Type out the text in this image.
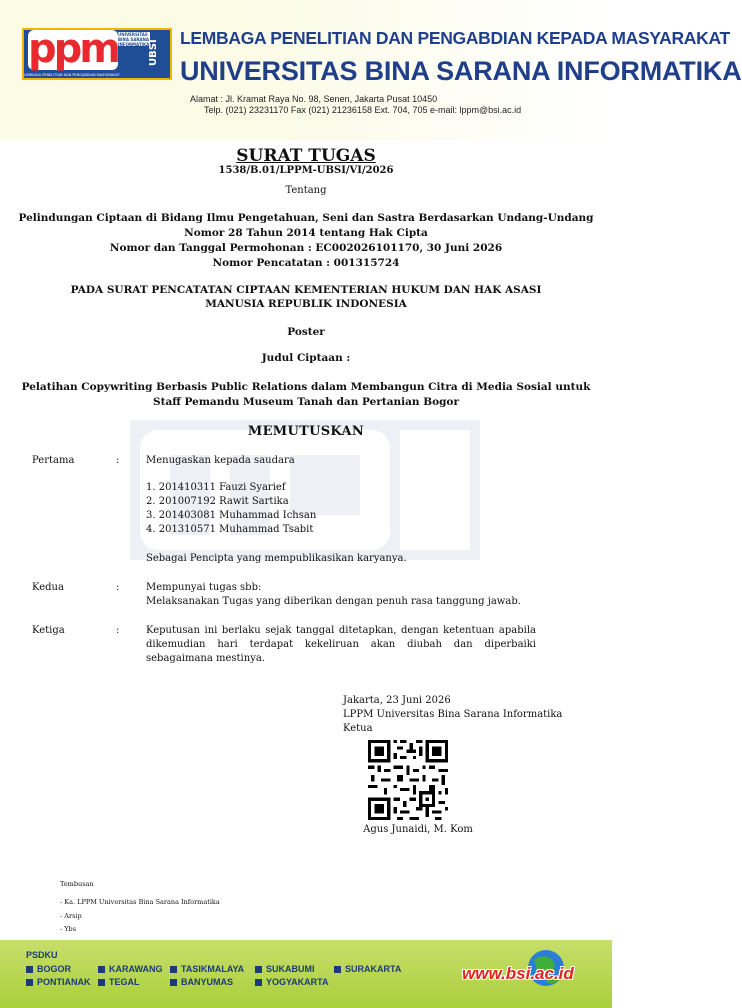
ppm UNIVERSITAS BINA SARANA INFORMATIKA
UBSI
LEMBAGA PENELITIAN DAN PENGABDIAN MASYARAKAT
LEMBAGA PENELITIAN DAN PENGABDIAN KEPADA MASYARAKAT
UNIVERSITAS BINA SARANA INFORMATIKA
Alamat : Jl. Kramat Raya No. 98, Senen, Jakarta Pusat 10450
Telp. (021) 23231170 Fax (021) 21236158 Ext. 704, 705 e-mail: lppm@bsi.ac.id
SURAT TUGAS
1538/B.01/LPPM-UBSI/VI/2026
Tentang
Pelindungan Ciptaan di Bidang Ilmu Pengetahuan, Seni dan Sastra Berdasarkan Undang-Undang
Nomor 28 Tahun 2014 tentang Hak Cipta
Nomor dan Tanggal Permohonan : EC002026101170, 30 Juni 2026
Nomor Pencatatan : 001315724
PADA SURAT PENCATATAN CIPTAAN KEMENTERIAN HUKUM DAN HAK ASASI
MANUSIA REPUBLIK INDONESIA
Poster
Judul Ciptaan :
Pelatihan Copywriting Berbasis Public Relations dalam Membangun Citra di Media Sosial untuk
Staff Pemandu Museum Tanah dan Pertanian Bogor
MEMUTUSKAN
Pertama	:	Menugaskan kepada saudara
1. 201410311 Fauzi Syarief
2. 201007192 Rawit Sartika
3. 201403081 Muhammad Ichsan
4. 201310571 Muhammad Tsabit
Sebagai Pencipta yang mempublikasikan karyanya.
Kedua	:	Mempunyai tugas sbb:
Melaksanakan Tugas yang diberikan dengan penuh rasa tanggung jawab.
Ketiga	:	Keputusan ini berlaku sejak tanggal ditetapkan, dengan ketentuan apabila dikemudian hari terdapat kekeliruan akan diubah dan diperbaiki sebagaimana mestinya.
Jakarta, 23 Juni 2026
LPPM Universitas Bina Sarana Informatika
Ketua
Agus Junaidi, M. Kom
Tembusan
- Ka. LPPM Universitas Bina Sarana Informatika
- Arsip
- Ybs
PSDKU
BOGOR	KARAWANG	TASIKMALAYA	SUKABUMI	SURAKARTA
PONTIANAK	TEGAL	BANYUMAS	YOGYAKARTA	www.bsi.ac.id
